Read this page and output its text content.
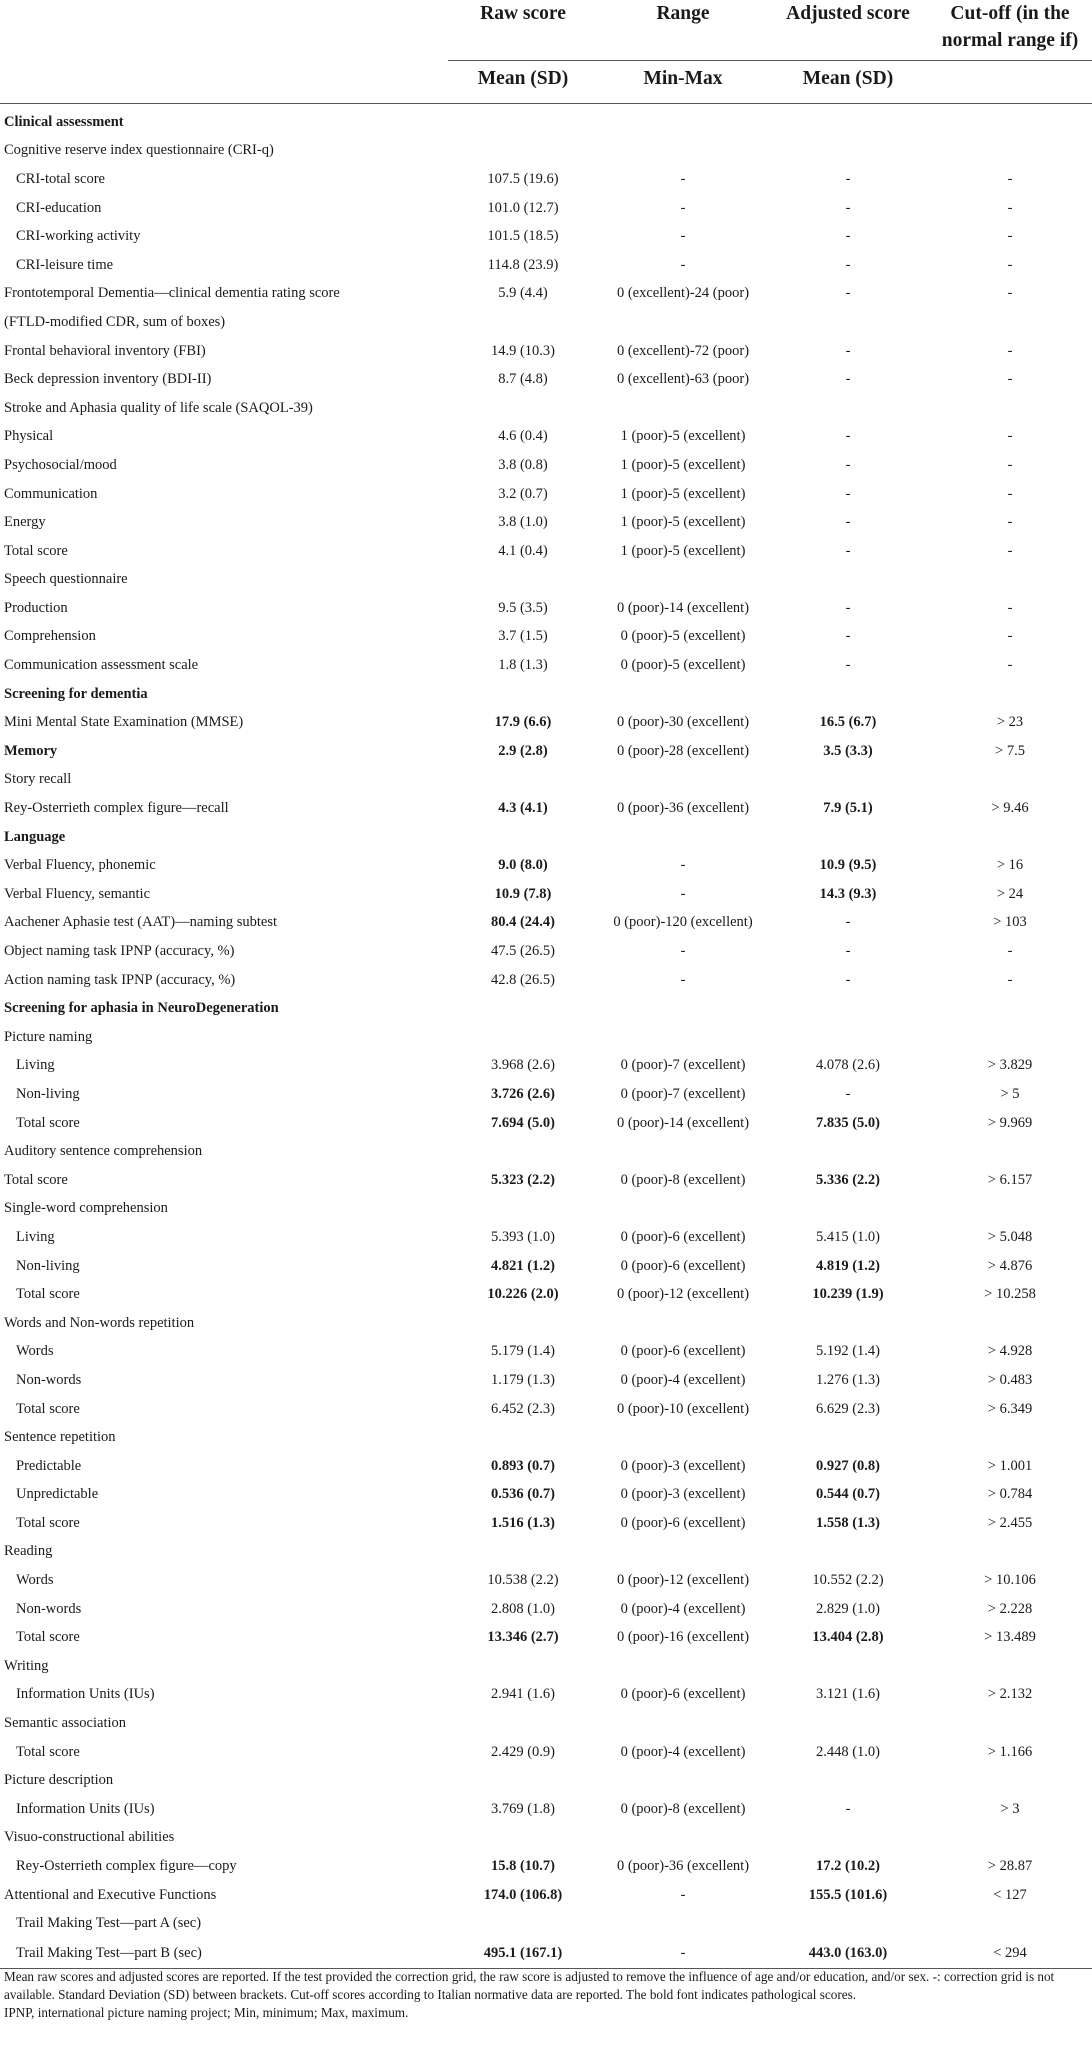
	Raw score	Range	Adjusted score	Cut-off (in the normal range if)
	Mean (SD)	Min-Max	Mean (SD)	
Clinical assessment				
Cognitive reserve index questionnaire (CRI-q)				
CRI-total score	107.5 (19.6)	-	-	-
CRI-education	101.0 (12.7)	-	-	-
CRI-working activity	101.5 (18.5)	-	-	-
CRI-leisure time	114.8 (23.9)	-	-	-
Frontotemporal Dementia—clinical dementia rating score	5.9 (4.4)	0 (excellent)-24 (poor)	-	-
(FTLD-modified CDR, sum of boxes)				
Frontal behavioral inventory (FBI)	14.9 (10.3)	0 (excellent)-72 (poor)	-	-
Beck depression inventory (BDI-II)	8.7 (4.8)	0 (excellent)-63 (poor)	-	-
Stroke and Aphasia quality of life scale (SAQOL-39)				
Physical	4.6 (0.4)	1 (poor)-5 (excellent)	-	-
Psychosocial/mood	3.8 (0.8)	1 (poor)-5 (excellent)	-	-
Communication	3.2 (0.7)	1 (poor)-5 (excellent)	-	-
Energy	3.8 (1.0)	1 (poor)-5 (excellent)	-	-
Total score	4.1 (0.4)	1 (poor)-5 (excellent)	-	-
Speech questionnaire				
Production	9.5 (3.5)	0 (poor)-14 (excellent)	-	-
Comprehension	3.7 (1.5)	0 (poor)-5 (excellent)	-	-
Communication assessment scale	1.8 (1.3)	0 (poor)-5 (excellent)	-	-
Screening for dementia				
Mini Mental State Examination (MMSE)	17.9 (6.6)	0 (poor)-30 (excellent)	16.5 (6.7)	> 23
Memory	2.9 (2.8)	0 (poor)-28 (excellent)	3.5 (3.3)	> 7.5
Story recall				
Rey-Osterrieth complex figure—recall	4.3 (4.1)	0 (poor)-36 (excellent)	7.9 (5.1)	> 9.46
Language				
Verbal Fluency, phonemic	9.0 (8.0)	-	10.9 (9.5)	> 16
Verbal Fluency, semantic	10.9 (7.8)	-	14.3 (9.3)	> 24
Aachener Aphasie test (AAT)—naming subtest	80.4 (24.4)	0 (poor)-120 (excellent)	-	> 103
Object naming task IPNP (accuracy, %)	47.5 (26.5)	-	-	-
Action naming task IPNP (accuracy, %)	42.8 (26.5)	-	-	-
Screening for aphasia in NeuroDegeneration				
Picture naming				
Living	3.968 (2.6)	0 (poor)-7 (excellent)	4.078 (2.6)	> 3.829
Non-living	3.726 (2.6)	0 (poor)-7 (excellent)	-	> 5
Total score	7.694 (5.0)	0 (poor)-14 (excellent)	7.835 (5.0)	> 9.969
Auditory sentence comprehension				
Total score	5.323 (2.2)	0 (poor)-8 (excellent)	5.336 (2.2)	> 6.157
Single-word comprehension				
Living	5.393 (1.0)	0 (poor)-6 (excellent)	5.415 (1.0)	> 5.048
Non-living	4.821 (1.2)	0 (poor)-6 (excellent)	4.819 (1.2)	> 4.876
Total score	10.226 (2.0)	0 (poor)-12 (excellent)	10.239 (1.9)	> 10.258
Words and Non-words repetition				
Words	5.179 (1.4)	0 (poor)-6 (excellent)	5.192 (1.4)	> 4.928
Non-words	1.179 (1.3)	0 (poor)-4 (excellent)	1.276 (1.3)	> 0.483
Total score	6.452 (2.3)	0 (poor)-10 (excellent)	6.629 (2.3)	> 6.349
Sentence repetition				
Predictable	0.893 (0.7)	0 (poor)-3 (excellent)	0.927 (0.8)	> 1.001
Unpredictable	0.536 (0.7)	0 (poor)-3 (excellent)	0.544 (0.7)	> 0.784
Total score	1.516 (1.3)	0 (poor)-6 (excellent)	1.558 (1.3)	> 2.455
Reading				
Words	10.538 (2.2)	0 (poor)-12 (excellent)	10.552 (2.2)	> 10.106
Non-words	2.808 (1.0)	0 (poor)-4 (excellent)	2.829 (1.0)	> 2.228
Total score	13.346 (2.7)	0 (poor)-16 (excellent)	13.404 (2.8)	> 13.489
Writing				
Information Units (IUs)	2.941 (1.6)	0 (poor)-6 (excellent)	3.121 (1.6)	> 2.132
Semantic association				
Total score	2.429 (0.9)	0 (poor)-4 (excellent)	2.448 (1.0)	> 1.166
Picture description				
Information Units (IUs)	3.769 (1.8)	0 (poor)-8 (excellent)	-	> 3
Visuo-constructional abilities				
Rey-Osterrieth complex figure—copy	15.8 (10.7)	0 (poor)-36 (excellent)	17.2 (10.2)	> 28.87
Attentional and Executive Functions	174.0 (106.8)	-	155.5 (101.6)	< 127
Trail Making Test—part A (sec)				
Trail Making Test—part B (sec)	495.1 (167.1)	-	443.0 (163.0)	< 294

Mean raw scores and adjusted scores are reported. If the test provided the correction grid, the raw score is adjusted to remove the influence of age and/or education, and/or sex. -: correction grid is not available. Standard Deviation (SD) between brackets. Cut-off scores according to Italian normative data are reported. The bold font indicates pathological scores.

IPNP, international picture naming project; Min, minimum; Max, maximum.
